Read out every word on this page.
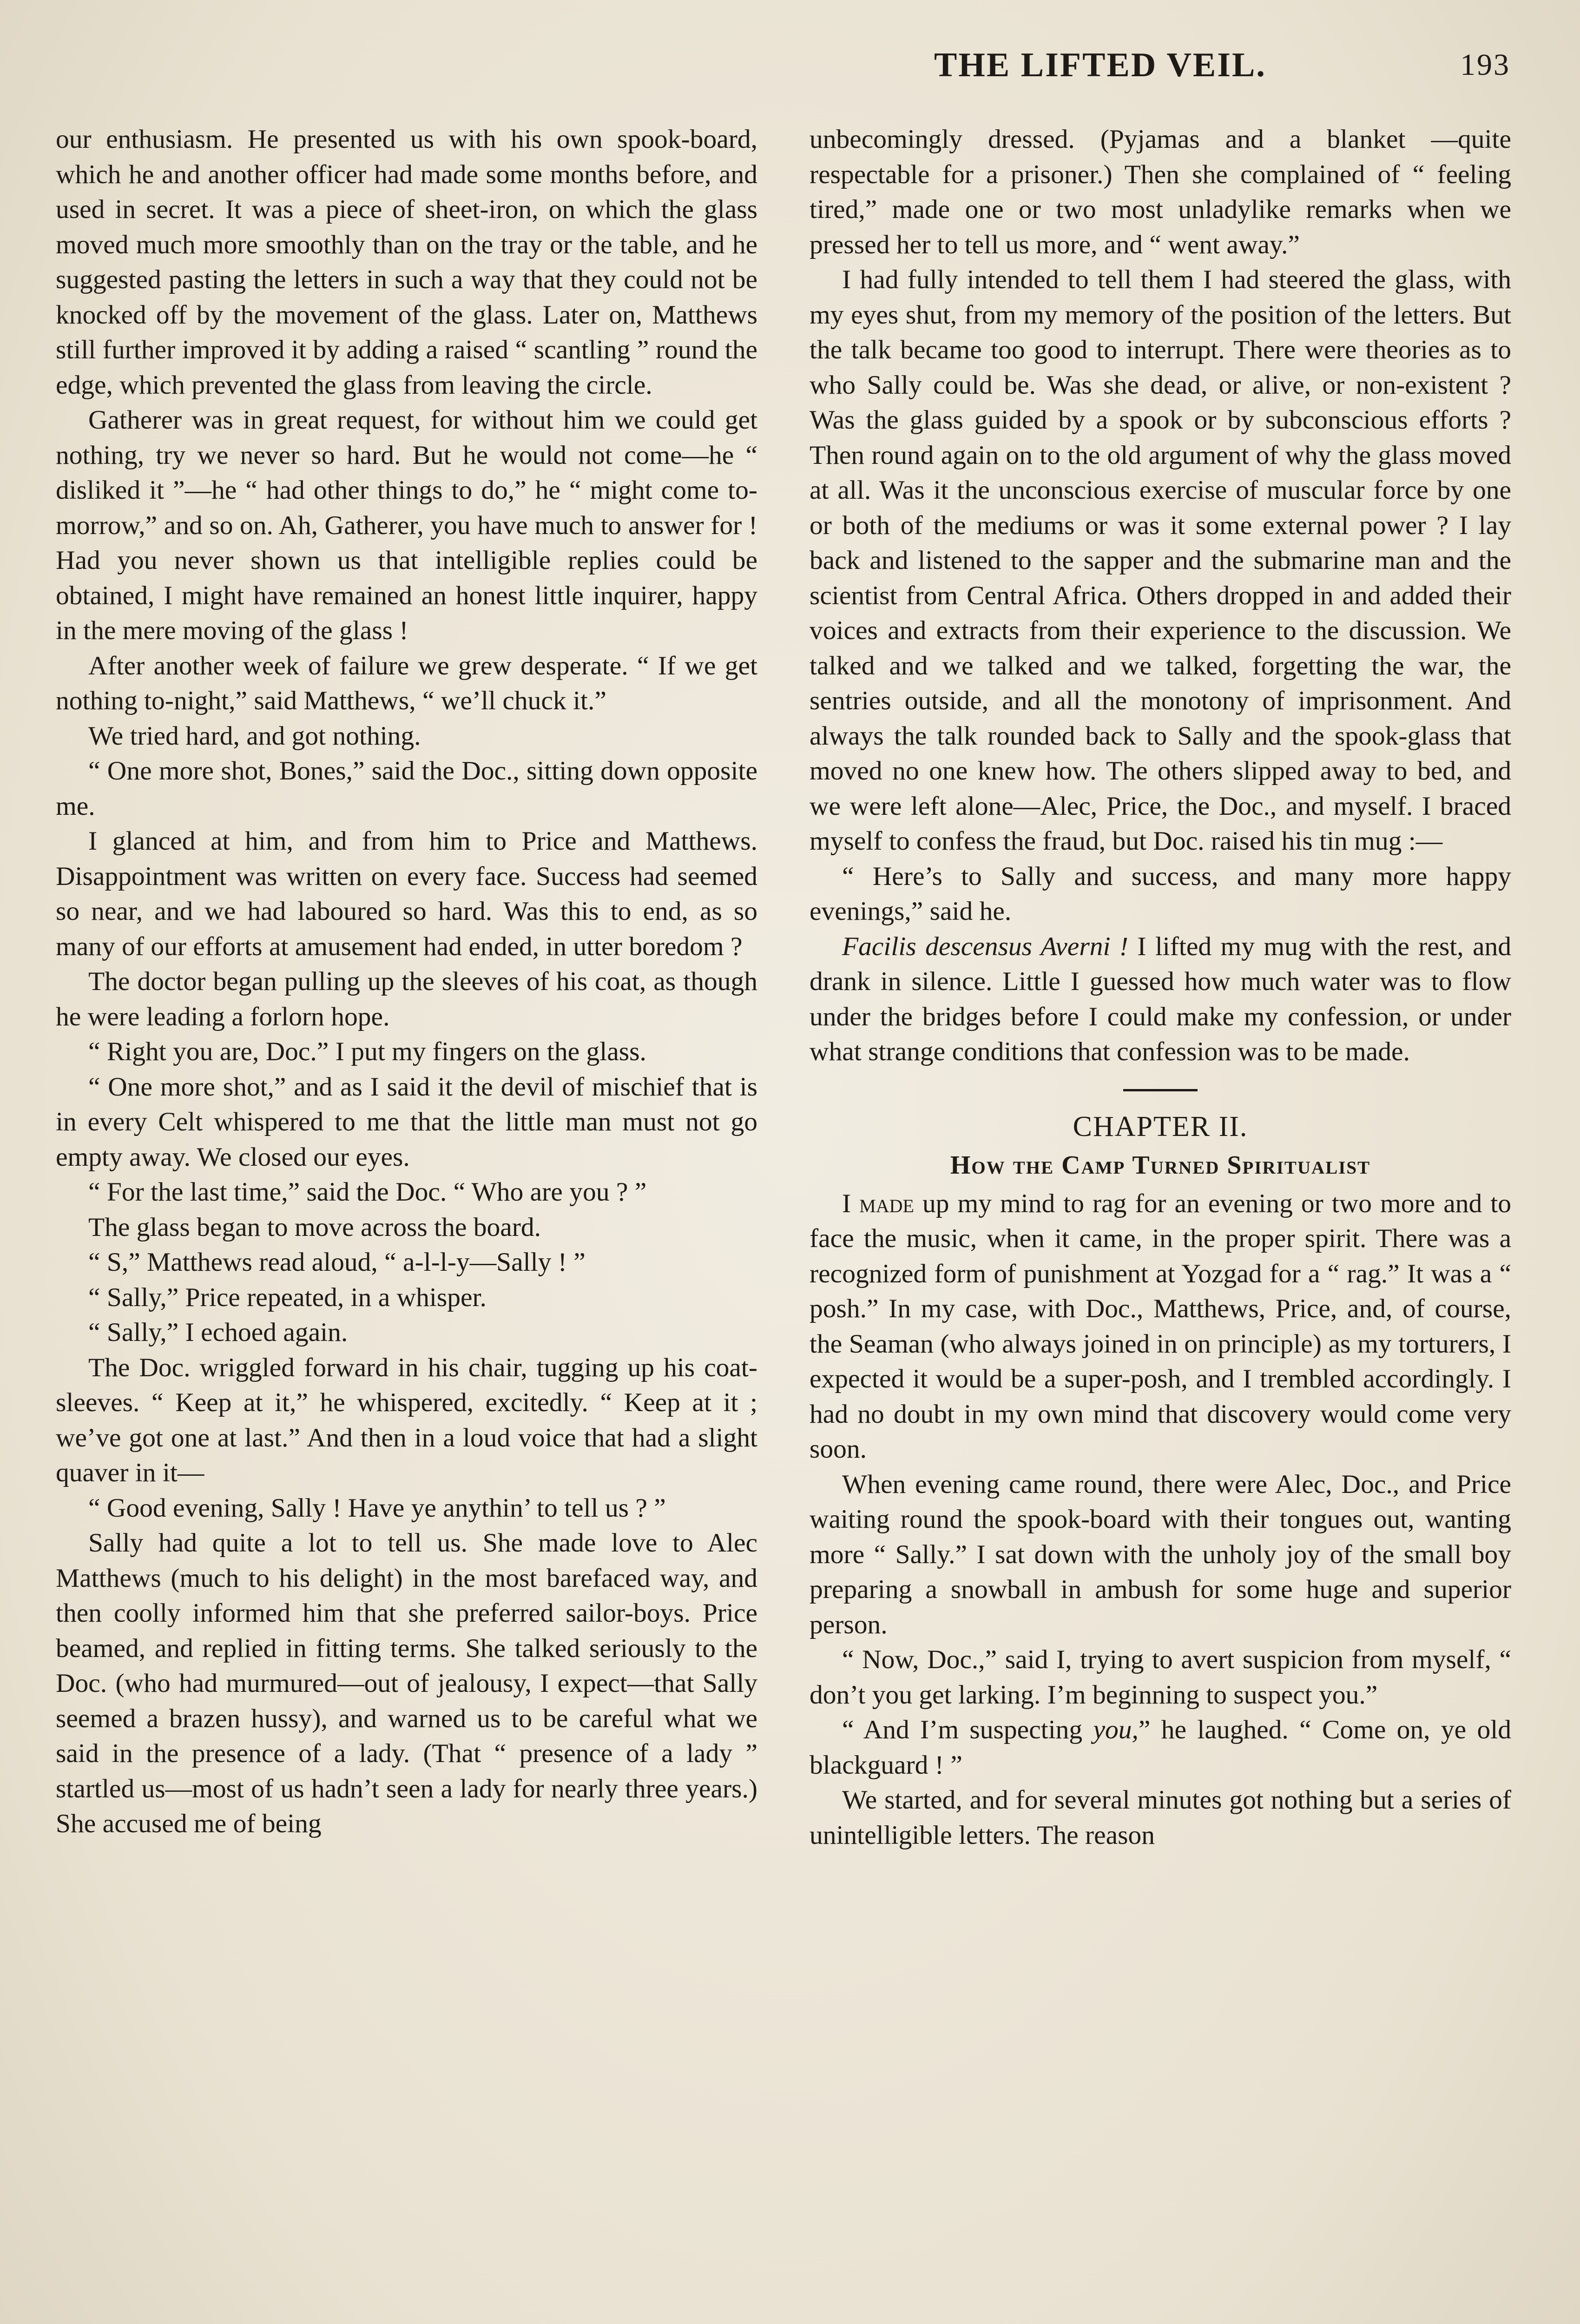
THE LIFTED VEIL.	193

our enthusiasm. He presented us with his own spook-board, which he and another officer had made some months before, and used in secret. It was a piece of sheet-iron, on which the glass moved much more smoothly than on the tray or the table, and he suggested pasting the letters in such a way that they could not be knocked off by the movement of the glass. Later on, Matthews still further improved it by adding a raised “ scantling ” round the edge, which prevented the glass from leaving the circle.

Gatherer was in great request, for without him we could get nothing, try we never so hard. But he would not come—he “ disliked it ”—he “ had other things to do,” he “ might come to-morrow,” and so on. Ah, Gatherer, you have much to answer for ! Had you never shown us that intelligible replies could be obtained, I might have remained an honest little inquirer, happy in the mere moving of the glass !

After another week of failure we grew desperate. “ If we get nothing to-night,” said Matthews, “ we’ll chuck it.”

We tried hard, and got nothing.

“ One more shot, Bones,” said the Doc., sitting down opposite me.

I glanced at him, and from him to Price and Matthews. Disappointment was written on every face. Success had seemed so near, and we had laboured so hard. Was this to end, as so many of our efforts at amusement had ended, in utter boredom ?

The doctor began pulling up the sleeves of his coat, as though he were leading a forlorn hope.

“ Right you are, Doc.” I put my fingers on the glass.

“ One more shot,” and as I said it the devil of mischief that is in every Celt whispered to me that the little man must not go empty away. We closed our eyes.

“ For the last time,” said the Doc. “ Who are you ? ”

The glass began to move across the board.

“ S,” Matthews read aloud, “ a-l-l-y—Sally ! ”

“ Sally,” Price repeated, in a whisper.

“ Sally,” I echoed again.

The Doc. wriggled forward in his chair, tugging up his coat-sleeves. “ Keep at it,” he whispered, excitedly. “ Keep at it ; we’ve got one at last.” And then in a loud voice that had a slight quaver in it—

“ Good evening, Sally ! Have ye anythin’ to tell us ? ”

Sally had quite a lot to tell us. She made love to Alec Matthews (much to his delight) in the most barefaced way, and then coolly informed him that she preferred sailor-boys. Price beamed, and replied in fitting terms. She talked seriously to the Doc. (who had murmured—out of jealousy, I expect—that Sally seemed a brazen hussy), and warned us to be careful what we said in the presence of a lady. (That “ presence of a lady ” startled us—most of us hadn’t seen a lady for nearly three years.) She accused me of being

unbecomingly dressed. (Pyjamas and a blanket —quite respectable for a prisoner.) Then she complained of “ feeling tired,” made one or two most unladylike remarks when we pressed her to tell us more, and “ went away.”

I had fully intended to tell them I had steered the glass, with my eyes shut, from my memory of the position of the letters. But the talk became too good to interrupt. There were theories as to who Sally could be. Was she dead, or alive, or non-existent ? Was the glass guided by a spook or by subconscious efforts ? Then round again on to the old argument of why the glass moved at all. Was it the unconscious exercise of muscular force by one or both of the mediums or was it some external power ? I lay back and listened to the sapper and the submarine man and the scientist from Central Africa. Others dropped in and added their voices and extracts from their experience to the discussion. We talked and we talked and we talked, forgetting the war, the sentries outside, and all the monotony of imprisonment. And always the talk rounded back to Sally and the spook-glass that moved no one knew how. The others slipped away to bed, and we were left alone—Alec, Price, the Doc., and myself. I braced myself to confess the fraud, but Doc. raised his tin mug :—

“ Here’s to Sally and success, and many more happy evenings,” said he.

Facilis descensus Averni ! I lifted my mug with the rest, and drank in silence. Little I guessed how much water was to flow under the bridges before I could make my confession, or under what strange conditions that confession was to be made.

CHAPTER II.
How the Camp Turned Spiritualist

I made up my mind to rag for an evening or two more and to face the music, when it came, in the proper spirit. There was a recognized form of punishment at Yozgad for a “ rag.” It was a “ posh.” In my case, with Doc., Matthews, Price, and, of course, the Seaman (who always joined in on principle) as my torturers, I expected it would be a super-posh, and I trembled accordingly. I had no doubt in my own mind that discovery would come very soon.

When evening came round, there were Alec, Doc., and Price waiting round the spook-board with their tongues out, wanting more “ Sally.” I sat down with the unholy joy of the small boy preparing a snowball in ambush for some huge and superior person.

“ Now, Doc.,” said I, trying to avert suspicion from myself, “ don’t you get larking. I’m beginning to suspect you.”

“ And I’m suspecting you,” he laughed. “ Come on, ye old blackguard ! ”

We started, and for several minutes got nothing but a series of unintelligible letters. The reason
